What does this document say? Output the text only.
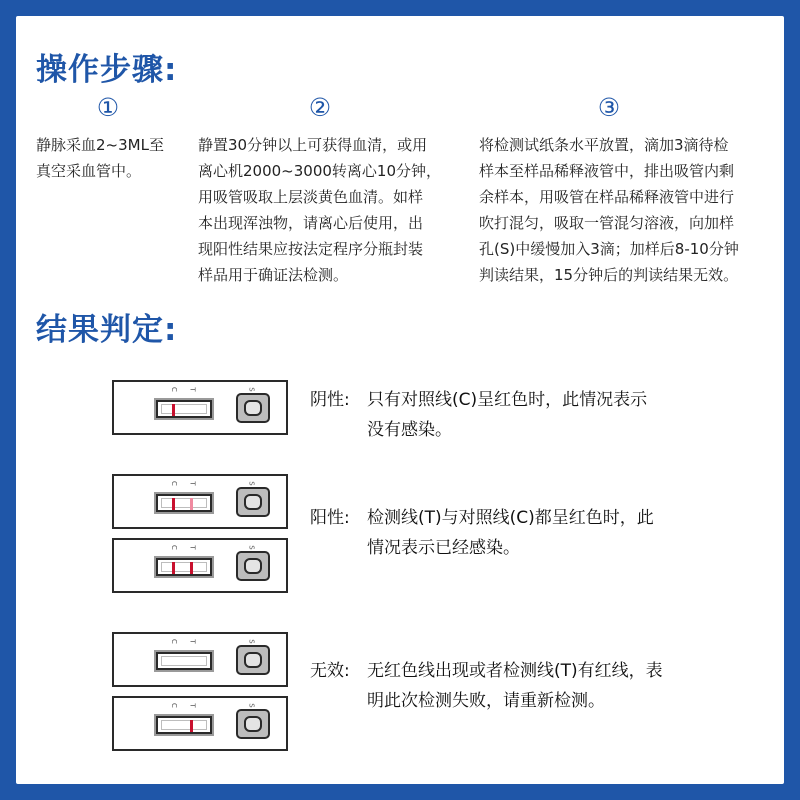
操作步骤:
①	②	③

静脉采血2~3ML至
真空采血管中。

静置30分钟以上可获得血清，或用
离心机2000~3000转离心10分钟，
用吸管吸取上层淡黄色血清。如样
本出现浑浊物，请离心后使用，出
现阳性结果应按法定程序分瓶封装
样品用于确证法检测。

将检测试纸条水平放置，滴加3滴待检
样本至样品稀释液管中，排出吸管内剩
余样本，用吸管在样品稀释液管中进行
吹打混匀，吸取一管混匀溶液，向加样
孔(S)中缓慢加入3滴；加样后8-10分钟
判读结果，15分钟后的判读结果无效。

结果判定:
C T	S
阴性: 只有对照线(C)呈红色时，此情况表示
没有感染。

C T	S
C T	S
阳性: 检测线(T)与对照线(C)都呈红色时，此
情况表示已经感染。

C T	S
C T	S
无效: 无红色线出现或者检测线(T)有红线，表
明此次检测失败，请重新检测。
